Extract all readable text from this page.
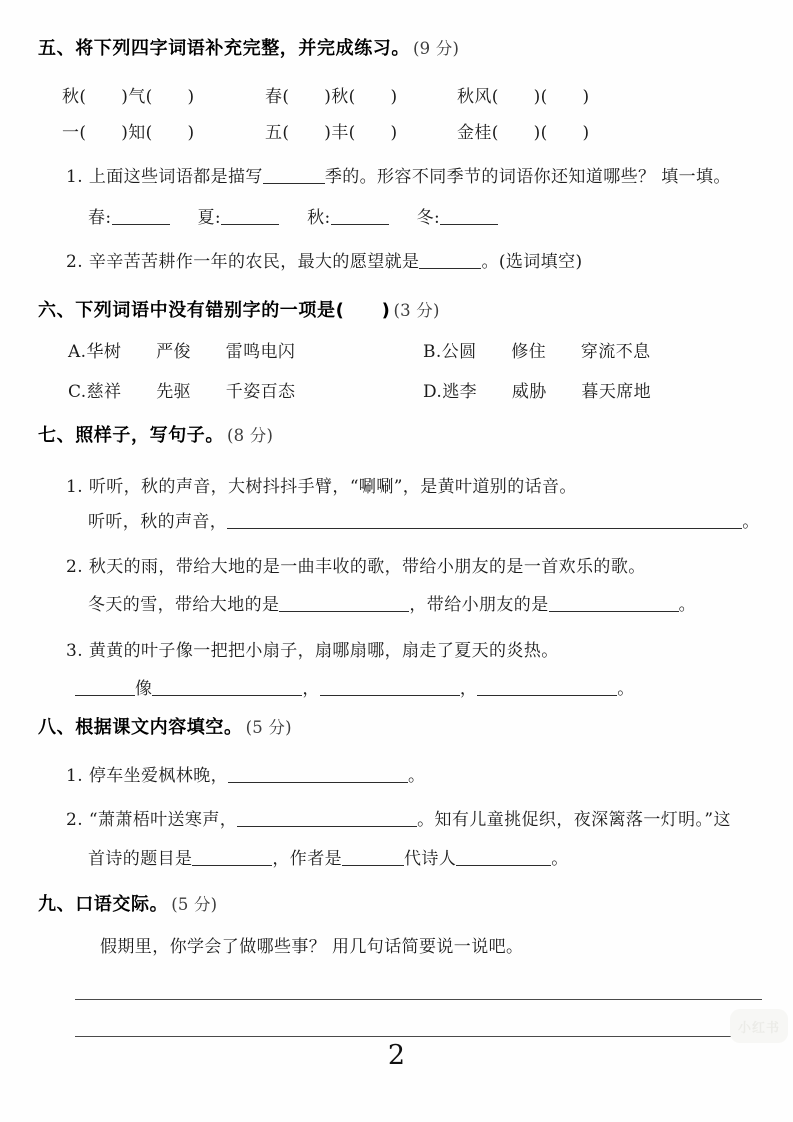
五、将下列四字词语补充完整，并完成练习。 (9 分)
秋(　　)气(　　)	春(　　)秋(　　)	秋风(　　)(　　)
一(　　)知(　　)	五(　　)丰(　　)	金桂(　　)(　　)
1. 上面这些词语都是描写	季的。形容不同季节的词语你还知道哪些？ 填一填。
春:	夏:	秋:	冬:
2. 辛辛苦苦耕作一年的农民，最大的愿望就是	。(选词填空)
六、下列词语中没有错别字的一项是(　　) (3 分)
A.华树　　严俊　　雷鸣电闪	B.公圆　　修住　　穿流不息
C.慈祥　　先驱　　千姿百态	D.逃李　　威胁　　暮天席地
七、照样子，写句子。 (8 分)
1. 听听，秋的声音，大树抖抖手臂，“唰唰”，是黄叶道别的话音。
听听，秋的声音，	。
2. 秋天的雨，带给大地的是一曲丰收的歌，带给小朋友的是一首欢乐的歌。
冬天的雪，带给大地的是	，带给小朋友的是	。
3. 黄黄的叶子像一把把小扇子，扇哪扇哪，扇走了夏天的炎热。
像	，	，	。
八、根据课文内容填空。 (5 分)
1. 停车坐爱枫林晚，	。
2. “萧萧梧叶送寒声，	。知有儿童挑促织，夜深篱落一灯明。”这
首诗的题目是	，作者是	代诗人	。
九、口语交际。 (5 分)
假期里，你学会了做哪些事？ 用几句话简要说一说吧。
2
小红书
